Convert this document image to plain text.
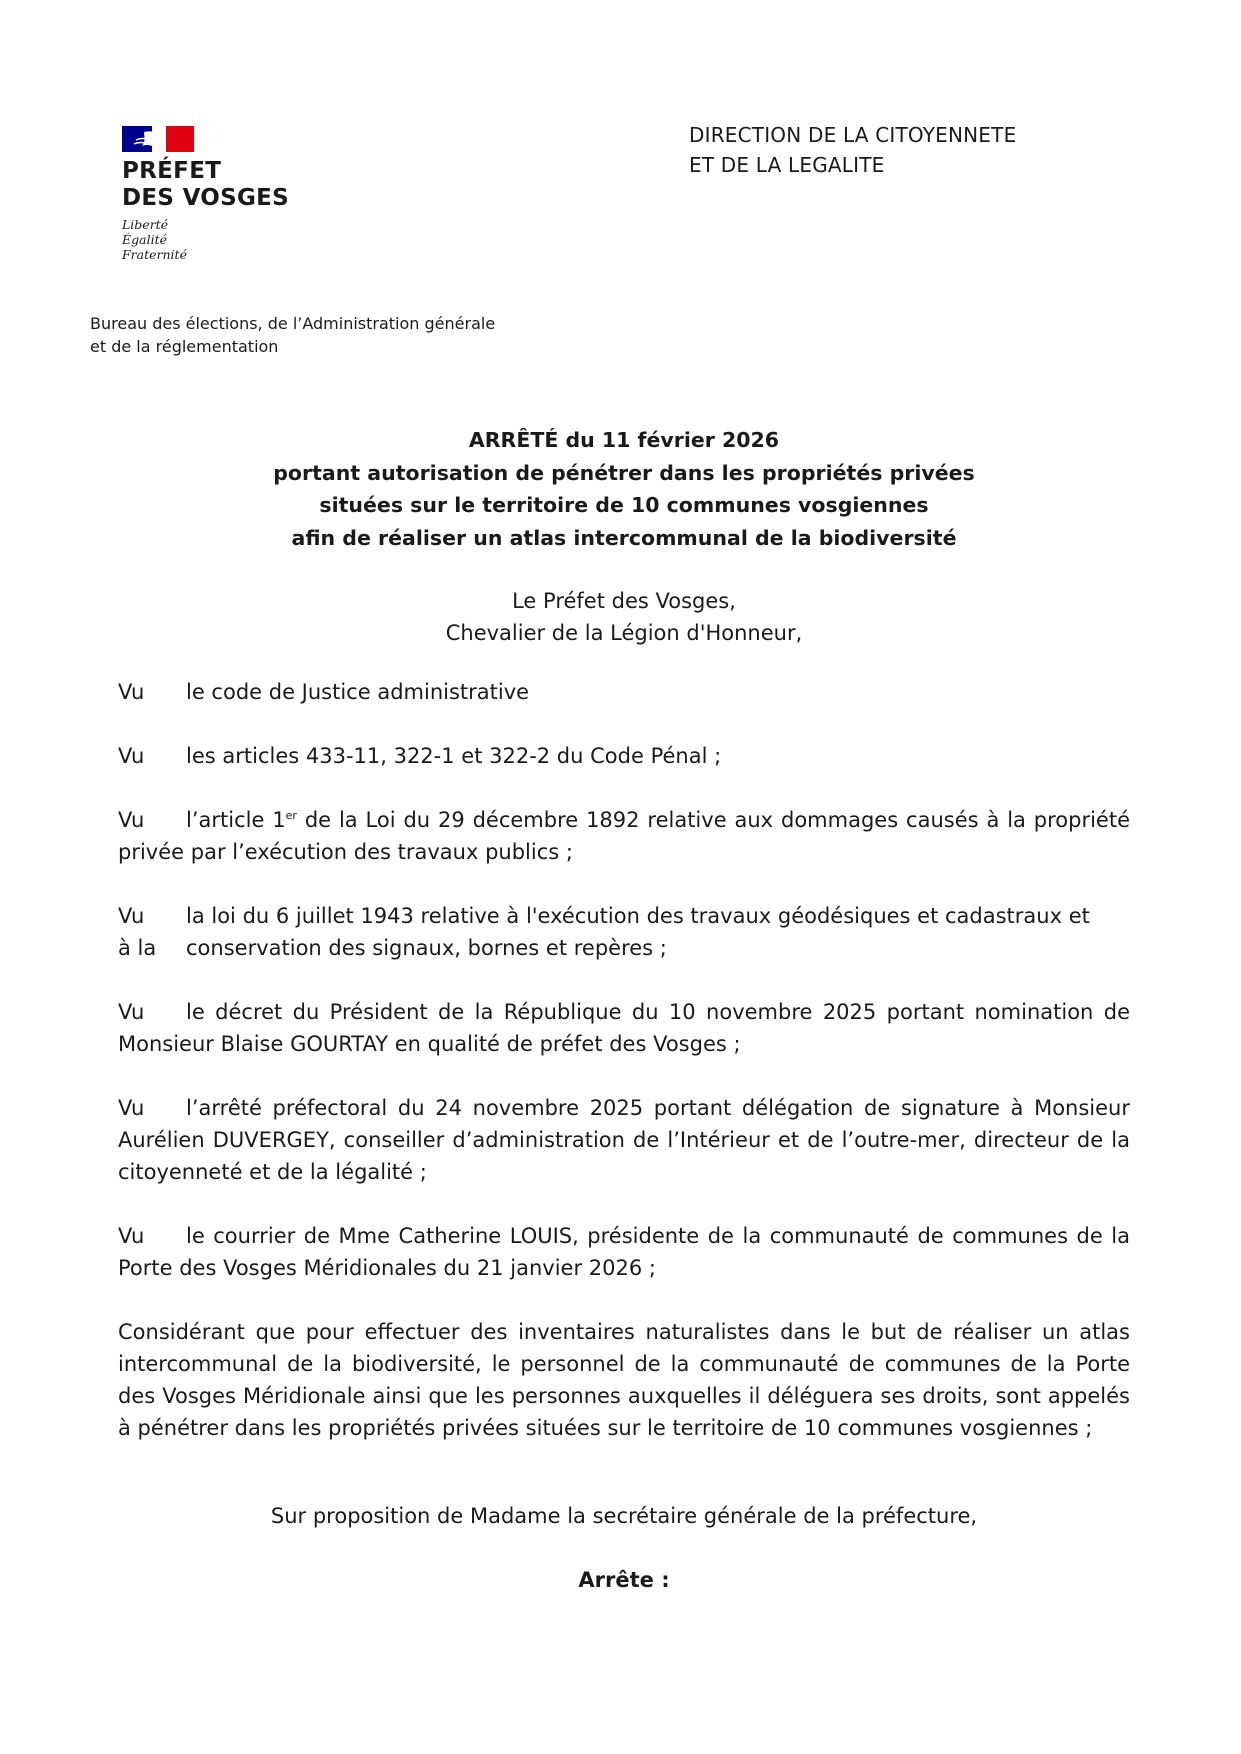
PRÉFET
DES VOSGES
Liberté
Égalité
Fraternité
DIRECTION DE LA CITOYENNETE
ET DE LA LEGALITE
Bureau des élections, de l’Administration générale
et de la réglementation
ARRÊTÉ du 11 février 2026
portant autorisation de pénétrer dans les propriétés privées
situées sur le territoire de 10 communes vosgiennes
afin de réaliser un atlas intercommunal de la biodiversité
Le Préfet des Vosges,
Chevalier de la Légion d'Honneur,
Vu le code de Justice administrative
Vu les articles 433-11, 322-1 et 322-2 du Code Pénal ;
Vu l’article 1er de la Loi du 29 décembre 1892 relative aux dommages causés à la propriété privée par l’exécution des travaux publics ;
Vu la loi du 6 juillet 1943 relative à l'exécution des travaux géodésiques et cadastraux et
à la conservation des signaux, bornes et repères ;
Vu le décret du Président de la République du 10 novembre 2025 portant nomination de Monsieur Blaise GOURTAY en qualité de préfet des Vosges ;
Vu l’arrêté préfectoral du 24 novembre 2025 portant délégation de signature à Monsieur Aurélien DUVERGEY, conseiller d’administration de l’Intérieur et de l’outre-mer, directeur de la citoyenneté et de la légalité ;
Vu le courrier de Mme Catherine LOUIS, présidente de la communauté de communes de la Porte des Vosges Méridionales du 21 janvier 2026 ;
Considérant que pour effectuer des inventaires naturalistes dans le but de réaliser un atlas intercommunal de la biodiversité, le personnel de la communauté de communes de la Porte des Vosges Méridionale ainsi que les personnes auxquelles il déléguera ses droits, sont appelés à pénétrer dans les propriétés privées situées sur le territoire de 10 communes vosgiennes ;
Sur proposition de Madame la secrétaire générale de la préfecture,
Arrête :
